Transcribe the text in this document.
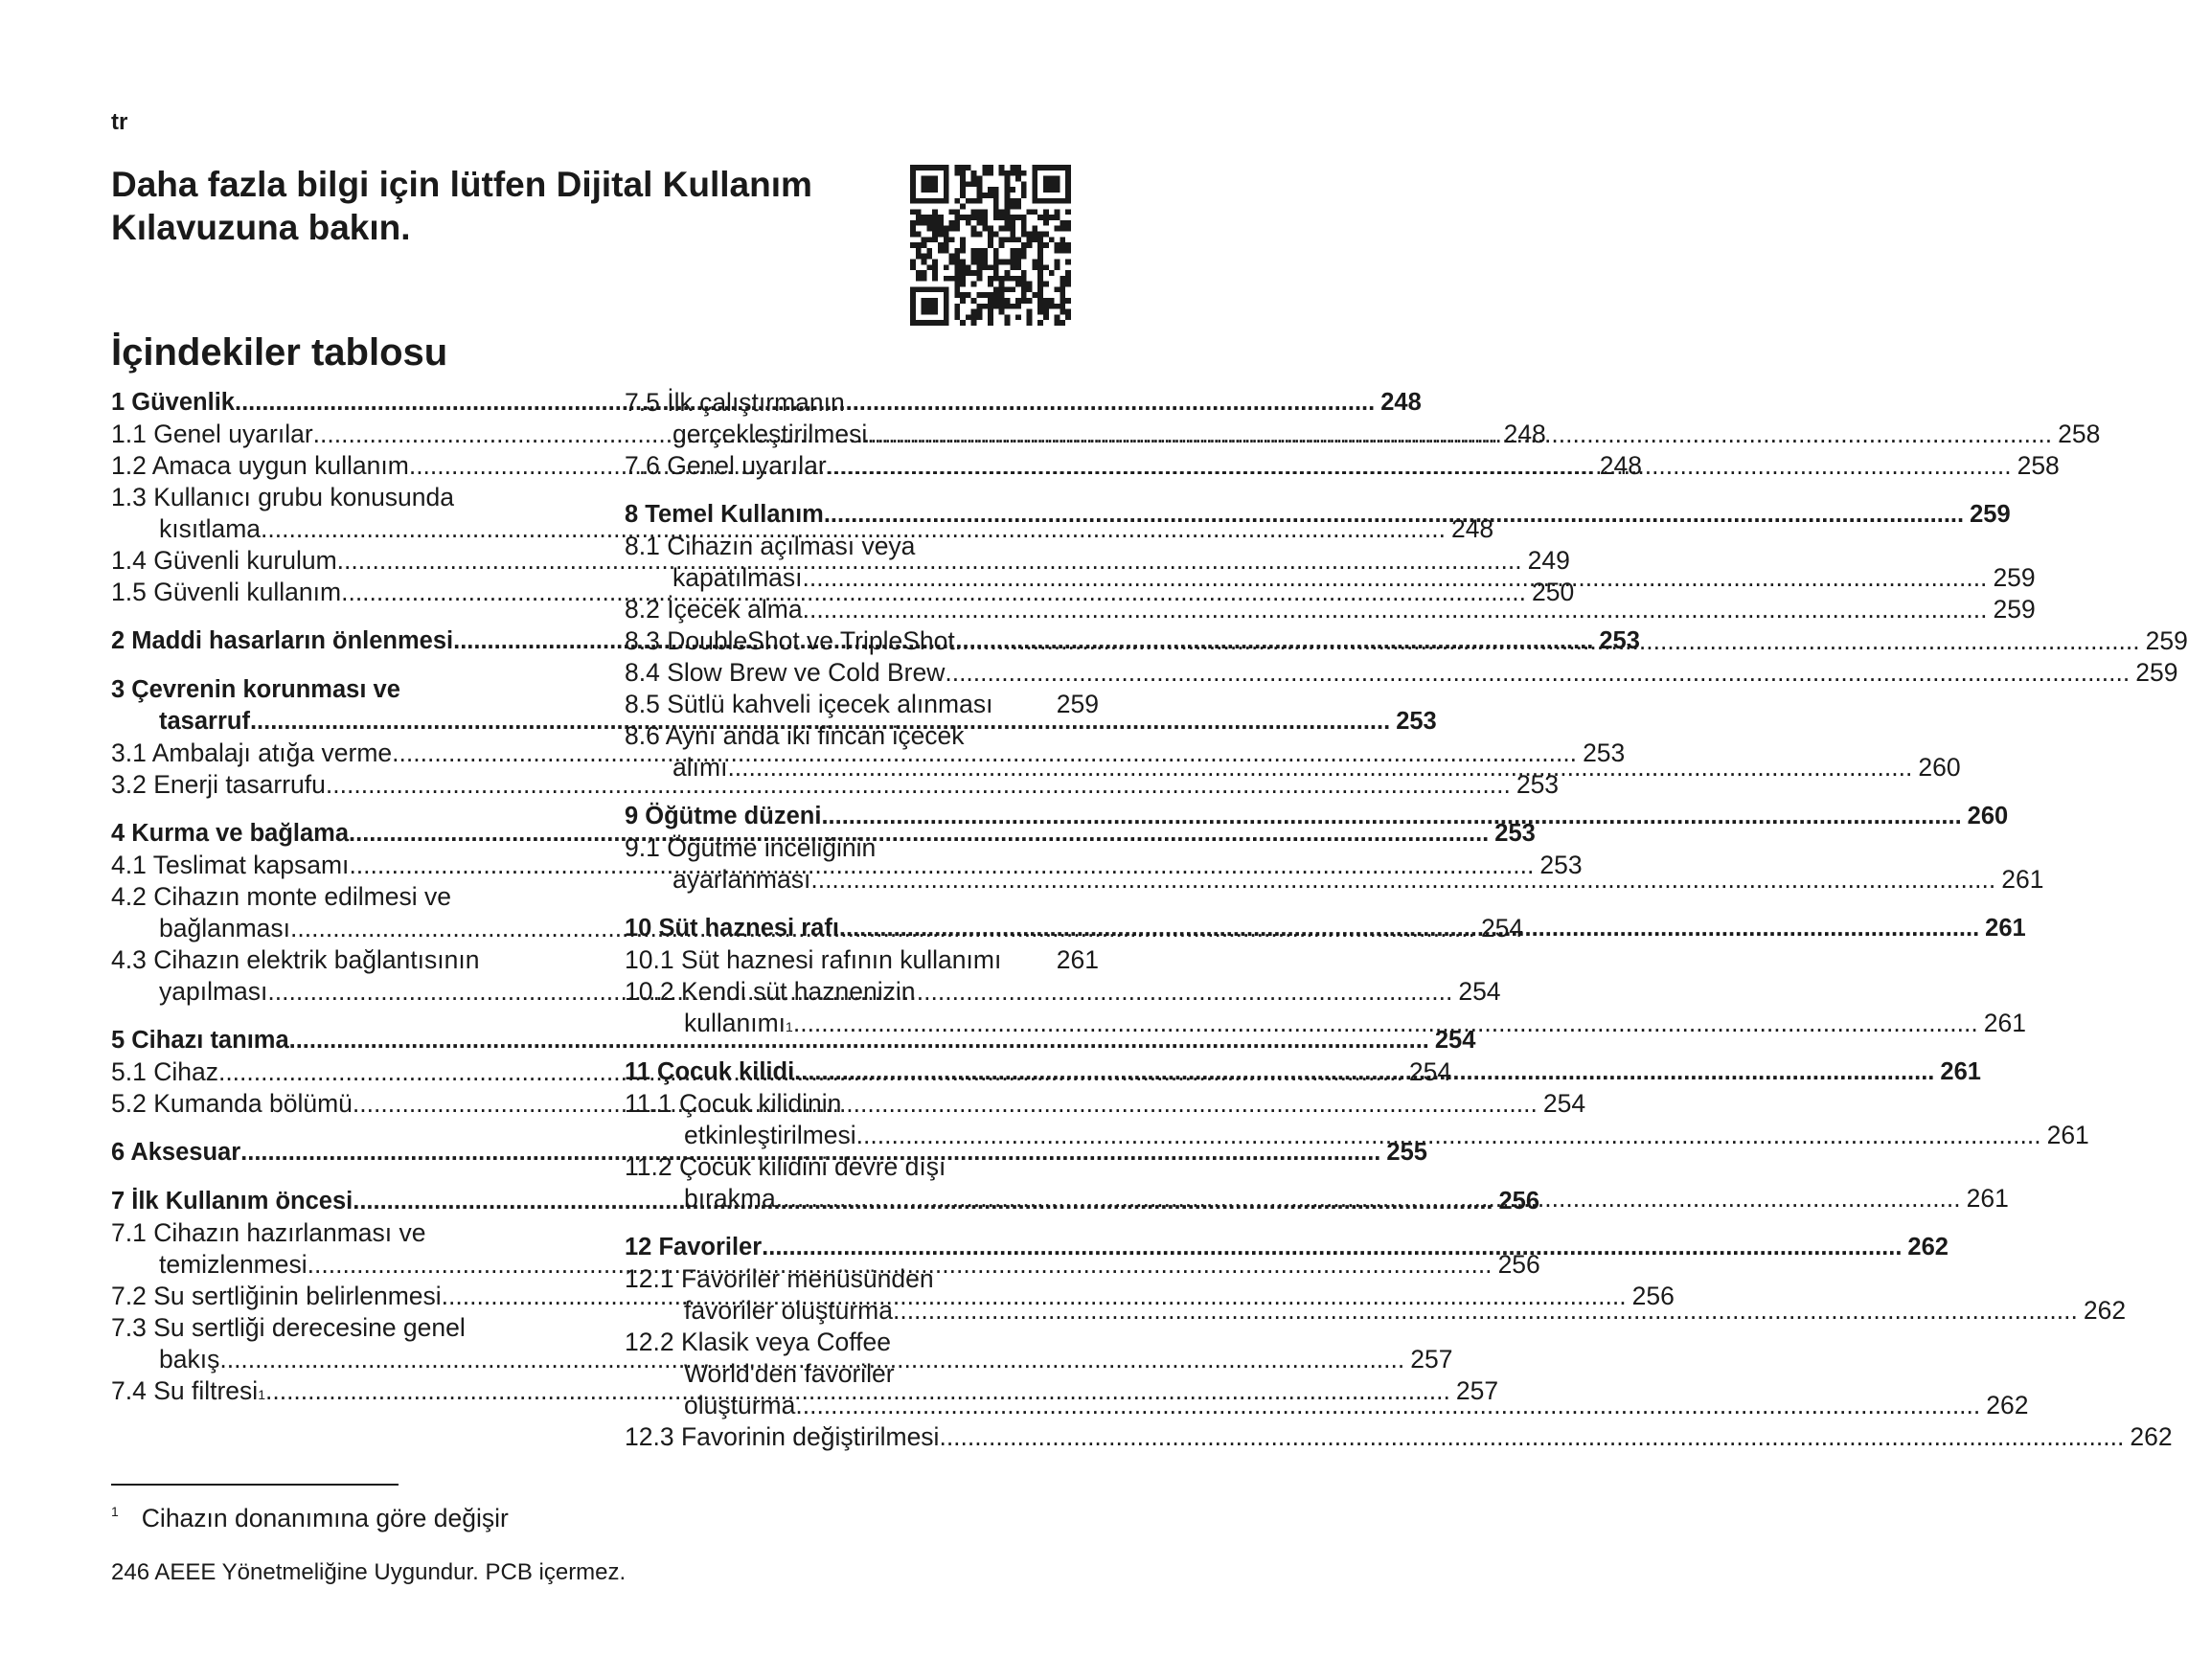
tr
Daha fazla bilgi için lütfen Dijital Kullanım Kılavuzuna bakın.
İçindekiler tablosu
1 Güvenlik .....	248
1.1 Genel uyarılar .....	248
1.2 Amaca uygun kullanım .....	248
1.3 Kullanıcı grubu konusunda
kısıtlama .....	248
1.4 Güvenli kurulum .....	249
1.5 Güvenli kullanım .....	250
2 Maddi hasarların önlenmesi .....	253
3 Çevrenin korunması ve
tasarruf .....	253
3.1 Ambalajı atığa verme .....	253
3.2 Enerji tasarrufu .....	253
4 Kurma ve bağlama .....	253
4.1 Teslimat kapsamı .....	253
4.2 Cihazın monte edilmesi ve
bağlanması .....	254
4.3 Cihazın elektrik bağlantısının
yapılması .....	254
5 Cihazı tanıma .....	254
5.1 Cihaz .....	254
5.2 Kumanda bölümü .....	254
6 Aksesuar .....	255
7 İlk Kullanım öncesi .....	256
7.1 Cihazın hazırlanması ve
temizlenmesi .....	256
7.2 Su sertliğinin belirlenmesi .....	256
7.3 Su sertliği derecesine genel
bakış .....	257
7.4 Su filtresi 1 .....	257
7.5 İlk çalıştırmanın
gerçekleştirilmesi .....	258
7.6 Genel uyarılar .....	258
8 Temel Kullanım .....	259
8.1 Cihazın açılması veya
kapatılması .....	259
8.2 İçecek alma .....	259
8.3 DoubleShot ve TripleShot .....	259
8.4 Slow Brew ve Cold Brew .....	259
8.5 Sütlü kahveli içecek alınması	259
8.6 Aynı anda iki fincan içecek
alımı .....	260
9 Öğütme düzeni .....	260
9.1 Öğütme inceliğinin
ayarlanması .....	261
10 Süt haznesi rafı .....	261
10.1 Süt haznesi rafının kullanımı 261
10.2 Kendi süt haznenizin
kullanımı 1 .....	261
11 Çocuk kilidi .....	261
11.1 Çocuk kilidinin
etkinleştirilmesi .....	261
11.2 Çocuk kilidini devre dışı
bırakma .....	261
12 Favoriler .....	262
12.1 Favoriler menüsünden
favoriler oluşturma .....	262
12.2 Klasik veya Coffee
World'den favoriler
oluşturma .....	262
12.3 Favorinin değiştirilmesi .....	262
$^1$ Cihazın donanımına göre değişir
246 AEEE Yönetmeliğine Uygundur. PCB içermez.
